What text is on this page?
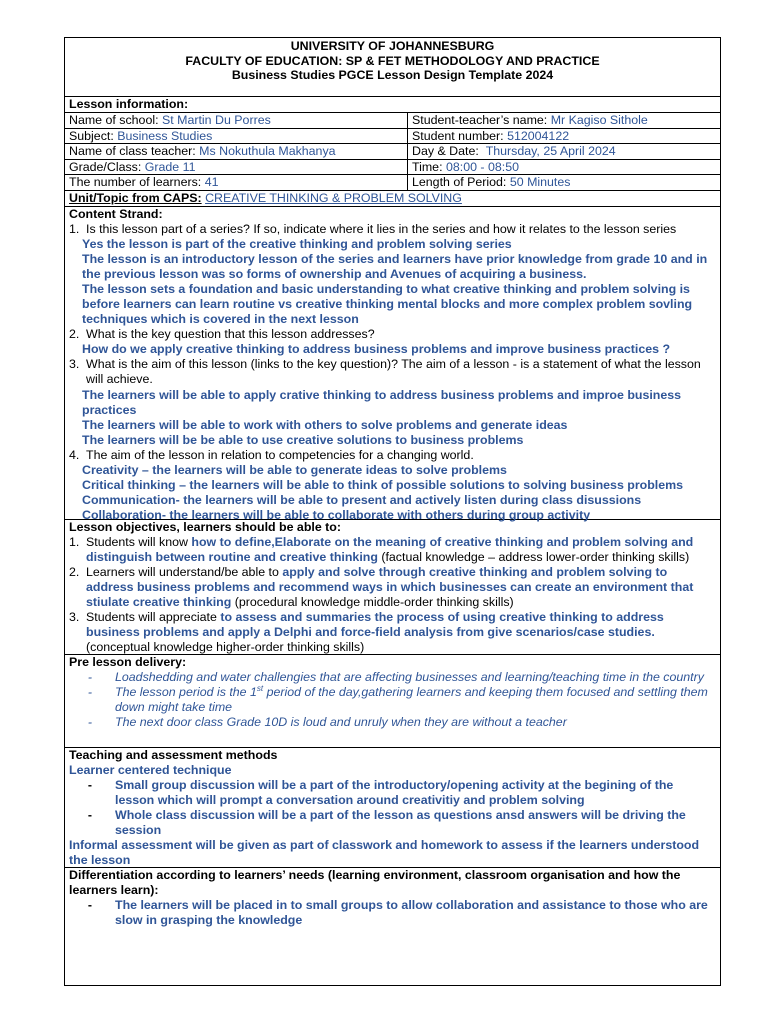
UNIVERSITY OF JOHANNESBURG
FACULTY OF EDUCATION: SP & FET METHODOLOGY AND PRACTICE
Business Studies PGCE Lesson Design Template 2024
Lesson information:
Name of school: St Martin Du Porres	Student-teacher’s name: Mr Kagiso Sithole
Subject: Business Studies	Student number: 512004122
Name of class teacher: Ms Nokuthula Makhanya	Day & Date: Thursday, 25 April 2024
Grade/Class: Grade 11	Time: 08:00 - 08:50
The number of learners: 41	Length of Period: 50 Minutes
Unit/Topic from CAPS: CREATIVE THINKING & PROBLEM SOLVING
Content Strand:
1. Is this lesson part of a series? If so, indicate where it lies in the series and how it relates to the lesson series
Yes the lesson is part of the creative thinking and problem solving series
The lesson is an introductory lesson of the series and learners have prior knowledge from grade 10 and in the previous lesson was so forms of ownership and Avenues of acquiring a business.
The lesson sets a foundation and basic understanding to what creative thinking and problem solving is before learners can learn routine vs creative thinking mental blocks and more complex problem sovling techniques which is covered in the next lesson
2. What is the key question that this lesson addresses?
How do we apply creative thinking to address business problems and improve business practices ?
3. What is the aim of this lesson (links to the key question)? The aim of a lesson - is a statement of what the lesson will achieve.
The learners will be able to apply crative thinking to address business problems and improe business practices
The learners will be able to work with others to solve problems and generate ideas
The learners will be be able to use creative solutions to business problems
4. The aim of the lesson in relation to competencies for a changing world.
Creativity – the learners will be able to generate ideas to solve problems
Critical thinking – the learners will be able to think of possible solutions to solving business problems
Communication- the learners will be able to present and actively listen during class disussions
Collaboration- the learners will be able to collaborate with others during group activity
Lesson objectives, learners should be able to:
1. Students will know how to define,Elaborate on the meaning of creative thinking and problem solving and distinguish between routine and creative thinking (factual knowledge – address lower-order thinking skills)
2. Learners will understand/be able to apply and solve through creative thinking and problem solving to address business problems and recommend ways in which businesses can create an environment that stiulate creative thinking (procedural knowledge middle-order thinking skills)
3. Students will appreciate to assess and summaries the process of using creative thinking to address business problems and apply a Delphi and force-field analysis from give scenarios/case studies.(conceptual knowledge higher-order thinking skills)
Pre lesson delivery:
-	Loadshedding and water challengies that are affecting businesses and learning/teaching time in the country
-	The lesson period is the 1st period of the day,gathering learners and keeping them focused and settling them down might take time
-	The next door class Grade 10D is loud and unruly when they are without a teacher
Teaching and assessment methods
Learner centered technique
-	Small group discussion will be a part of the introductory/opening activity at the begining of the lesson which will prompt a conversation around creativitiy and problem solving
-	Whole class discussion will be a part of the lesson as questions ansd answers will be driving the session
Informal assessment will be given as part of classwork and homework to assess if the learners understood the lesson
Differentiation according to learners’ needs (learning environment, classroom organisation and how the learners learn):
-	The learners will be placed in to small groups to allow collaboration and assistance to those who are slow in grasping the knowledge
